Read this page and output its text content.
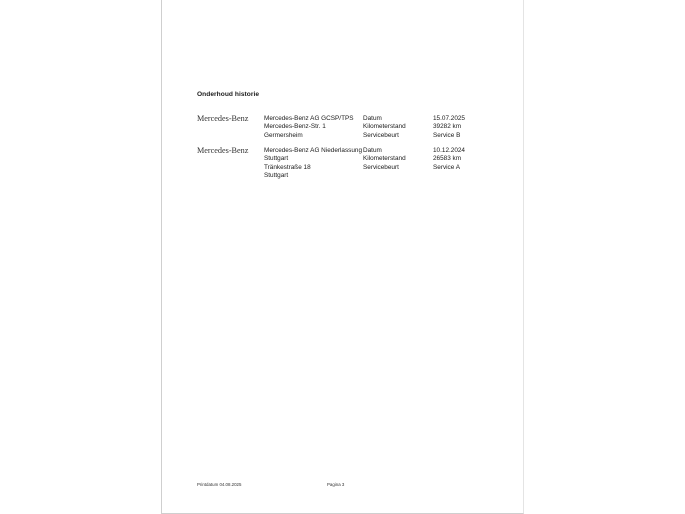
Onderhoud historie
Mercedes-Benz Mercedes-Benz AG GCSP/TPS
Mercedes-Benz-Str. 1
Germersheim
Datum
Kilometerstand
Servicebeurt
15.07.2025
39282 km
Service B
Mercedes-Benz Mercedes-Benz AG Niederlassung
Stuttgart
Tränkestraße 18
Stuttgart
Datum
Kilometerstand
Servicebeurt
10.12.2024
26583 km
Service A
Printdatum 04.08.2025	Pagina 3
